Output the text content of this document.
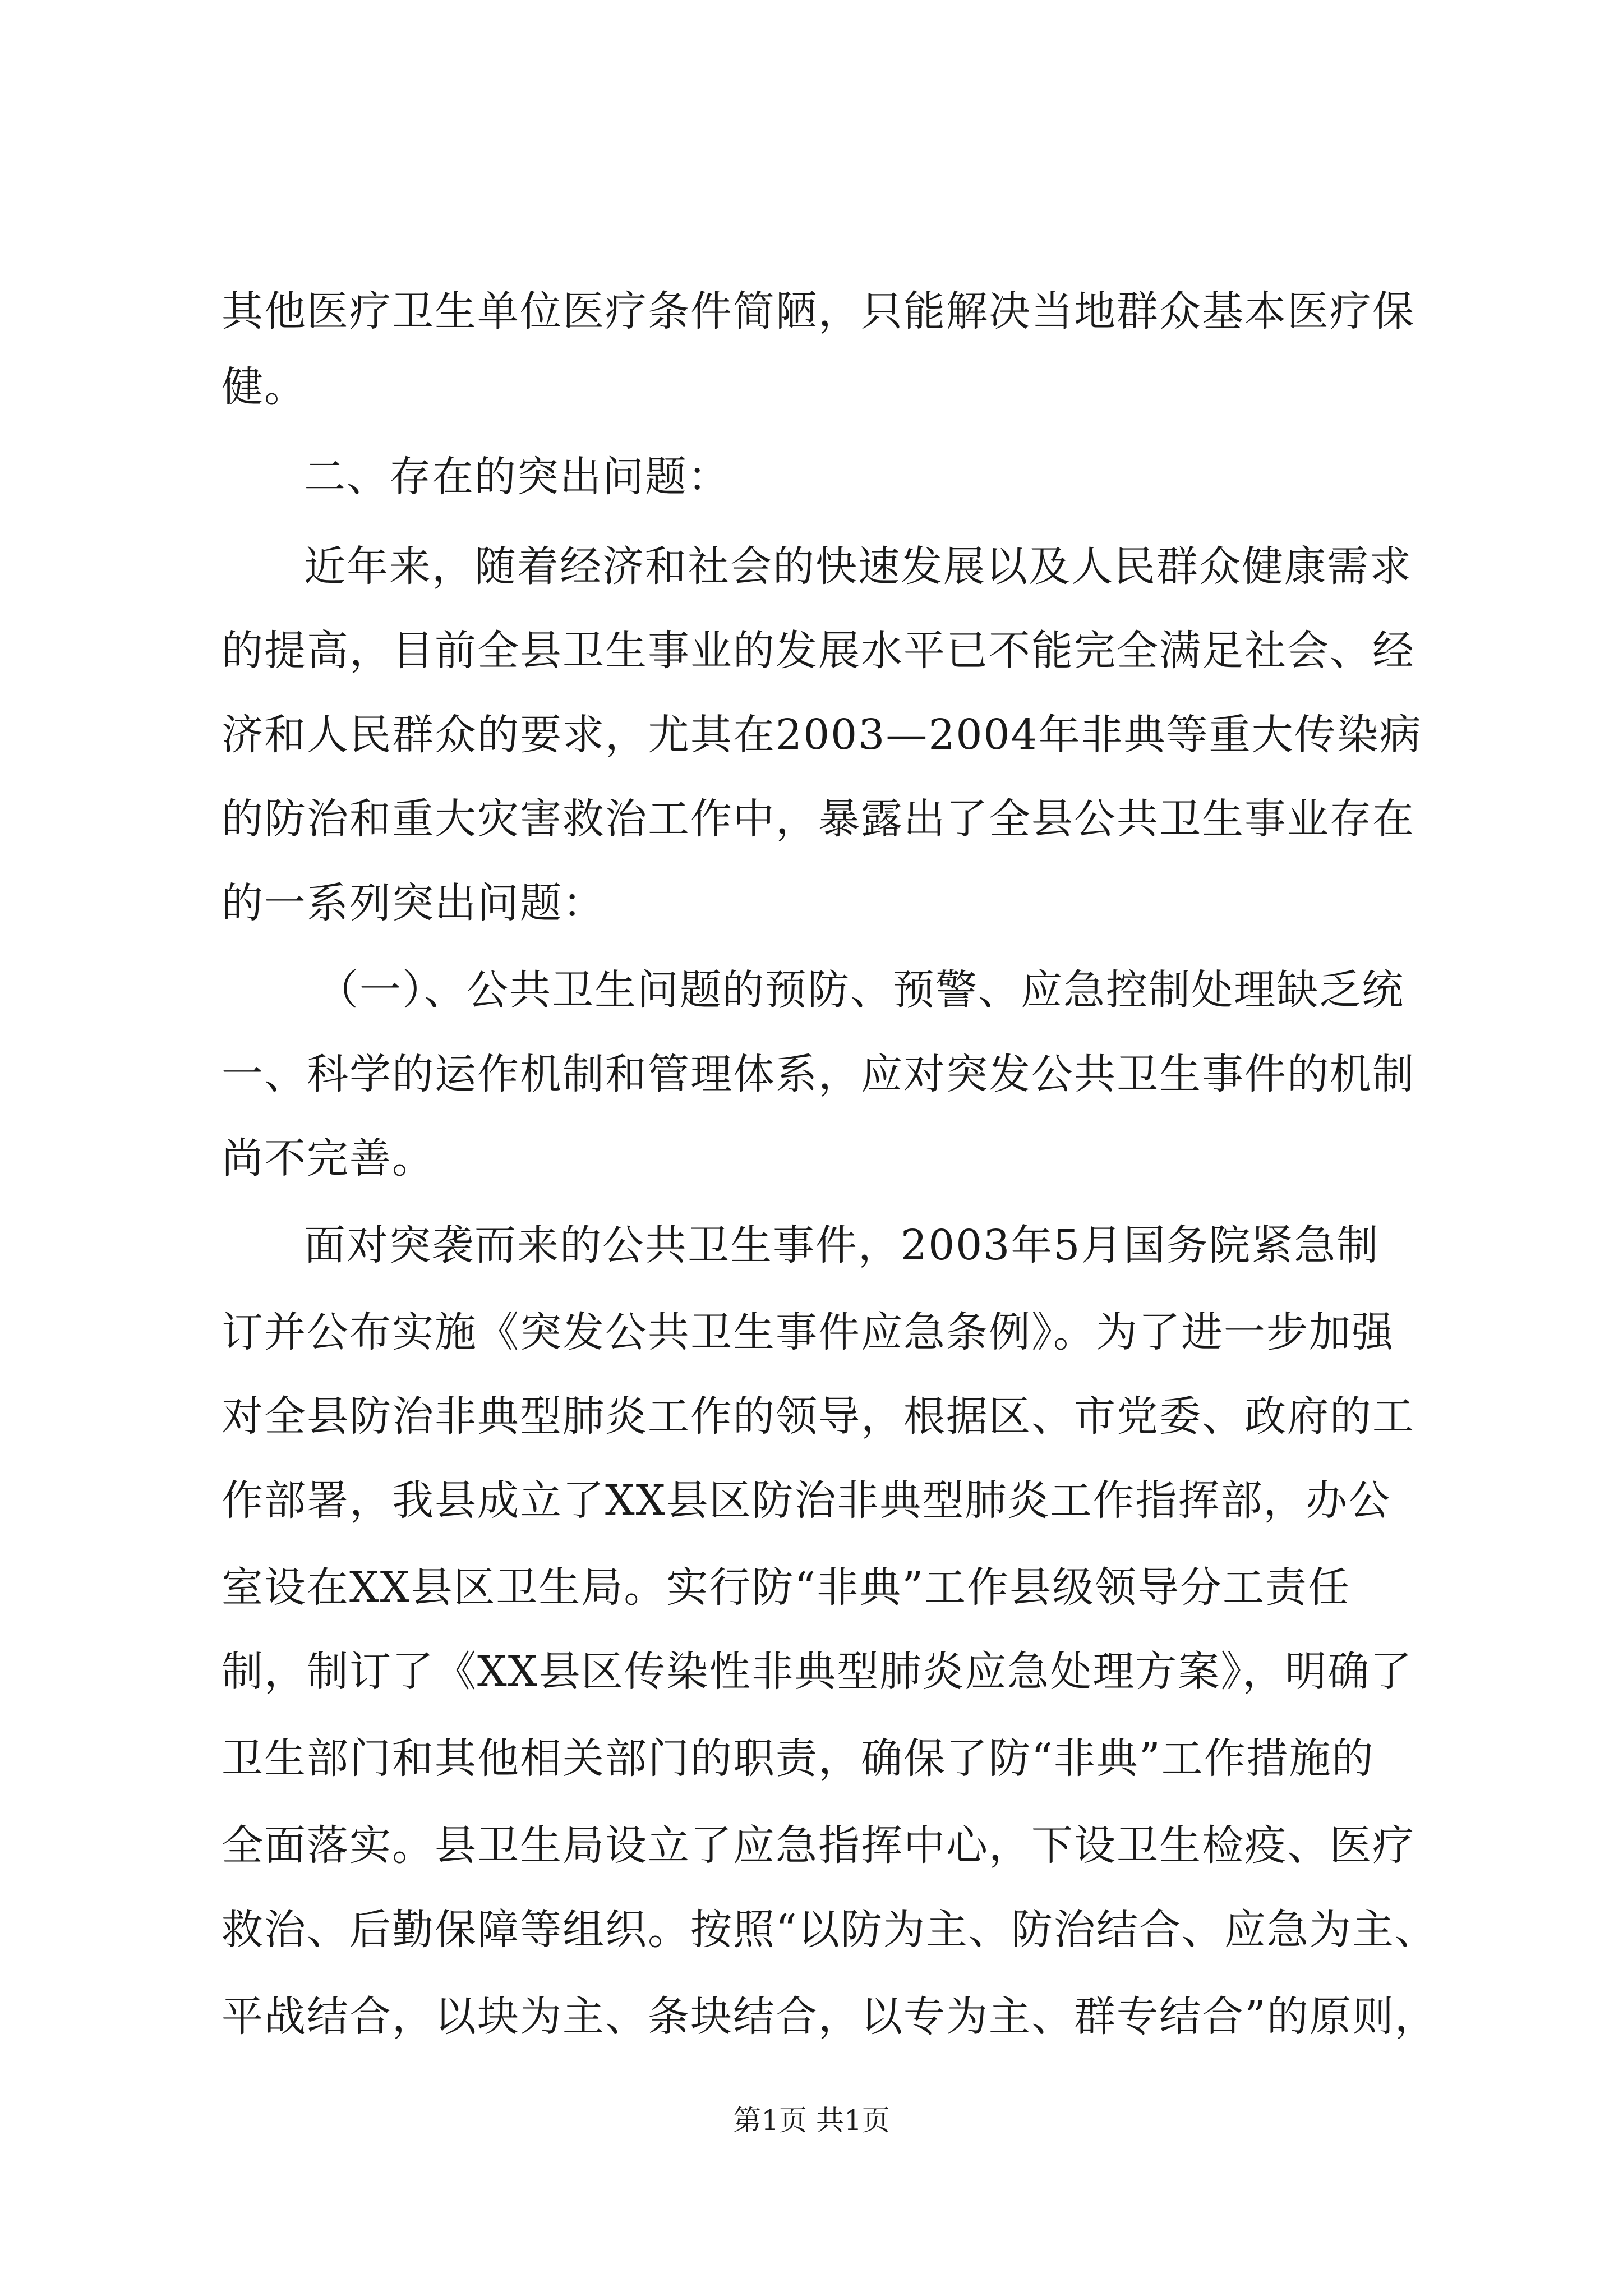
其他医疗卫生单位医疗条件简陋，只能解决当地群众基本医疗保
健。
二、存在的突出问题：
近年来，随着经济和社会的快速发展以及人民群众健康需求
的提高，目前全县卫生事业的发展水平已不能完全满足社会、经
济和人民群众的要求，尤其在2003—2004年非典等重大传染病
的防治和重大灾害救治工作中，暴露出了全县公共卫生事业存在
的一系列突出问题：
（一）、公共卫生问题的预防、预警、应急控制处理缺乏统
一、科学的运作机制和管理体系，应对突发公共卫生事件的机制
尚不完善。
面对突袭而来的公共卫生事件，2003年5月国务院紧急制
订并公布实施《突发公共卫生事件应急条例》。为了进一步加强
对全县防治非典型肺炎工作的领导，根据区、市党委、政府的工
作部署，我县成立了XX县区防治非典型肺炎工作指挥部，办公
室设在XX县区卫生局。实行防“非典”工作县级领导分工责任
制，制订了《XX县区传染性非典型肺炎应急处理方案》，明确了
卫生部门和其他相关部门的职责，确保了防“非典”工作措施的
全面落实。县卫生局设立了应急指挥中心，下设卫生检疫、医疗
救治、后勤保障等组织。按照“以防为主、防治结合、应急为主、
平战结合，以块为主、条块结合，以专为主、群专结合”的原则，
第1页 共1页
